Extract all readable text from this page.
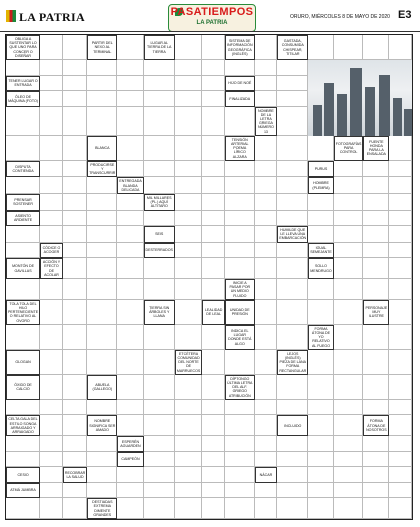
LA PATRIA	PASATIEMPOS
LA PATRIA
ORURO, MIÉRCOLES 8 DE MAYO DE 2020 E3
OBLIGA A SUSTENTAR LO QUE UNO PARA CONCER O DISEÑAR
PARTIR DEL NEXO AL TERMINAL
LUGAR AL TIERRA DE LA TIERRA
SISTEMA DE INFORMACIÓN GEOGRÁFICA (INGLÉS)
GASTADA, CONSUMIDA CHISPEAR, TITILAR
TENER LUGAR O ENTRADA
HIJO DE NOÉ
ÓLEO DE MÁQUINA (FOTO)
FINALIZADA
NOMBRE DE LA LETRA GRIEGA NÚMERO 13
BLANCA
TENSIÓN ARTERIAL POEMA LÍRICO ALZARA
FOTOGRAFÍAS PARA CONTROL
FUENTE HONDA PARA LA ENSALADA
DISPUTA CONTIENDA
PRODUCIRSE Y TRANSCURRIR
PURUS
ENTREGADA BLANDA DELICADA
HOMBRE (PLEMRA)
PRENSAR SOSTENER
MIL MILLARES (PL.) AQUÍ ALTITARO
ASIENTO ARDIENTE
SEIS
HUMILDE QUE LE LLEVA UNA EMBARCACIÓN
CÓDICE O ACOGER
DESTERRADOS
IGUAL SEMEJANTE
MONTÓN DE GAVILLAS
ACCIÓN Y EFECTO DE ACOLAR
SOLLO MENDRUGO
INICIE A PASAR POR UN MEDIO FLUIDO
TOLA TOLA DEL HILO PERTENECIENTE O RELATIVO AL OVORO
TIERRA SIN ÁRBOLES Y LLANA
LEALIDAD DE LEAL
UNIDAD DE PRESIÓN
PERSONAJE MUY ILUSTRE
INDICA EL LUGAR DONDE ESTÁ ALGO
FORMA ÁTONA DE YO RELATIVO AL FUEGO
GLOGAN
ETCÉTERA COMUNIDAD DEL NORTE DE MARRUECOS
LEJOS (INGLÉS) PIEZA DE LANA FORMA RECTANGULAR
ÓXIDO DE CALCIO
ABUELA (GALLEGO)
DÍPTONGO ÚLTIMA LETRA DEL ALF. GRIEGO ATRIBUCIÓN
CELTA GALA DEL ESTILO SONGA ARRAIGADO Y ARRAIGADO
NOMBRE SIGNIFICA SER AMADO
INCLUIDO
FORMA ÁTONA DE NOSOTROS
ESPERÉN AGUARDEN
CAMPEÓN
CESIO
RECOBRAR LA SALUD
NÁCAR
ATMÁ JUMBRA
DESTIADAS EXTREMA DIMENTE GRANDES
